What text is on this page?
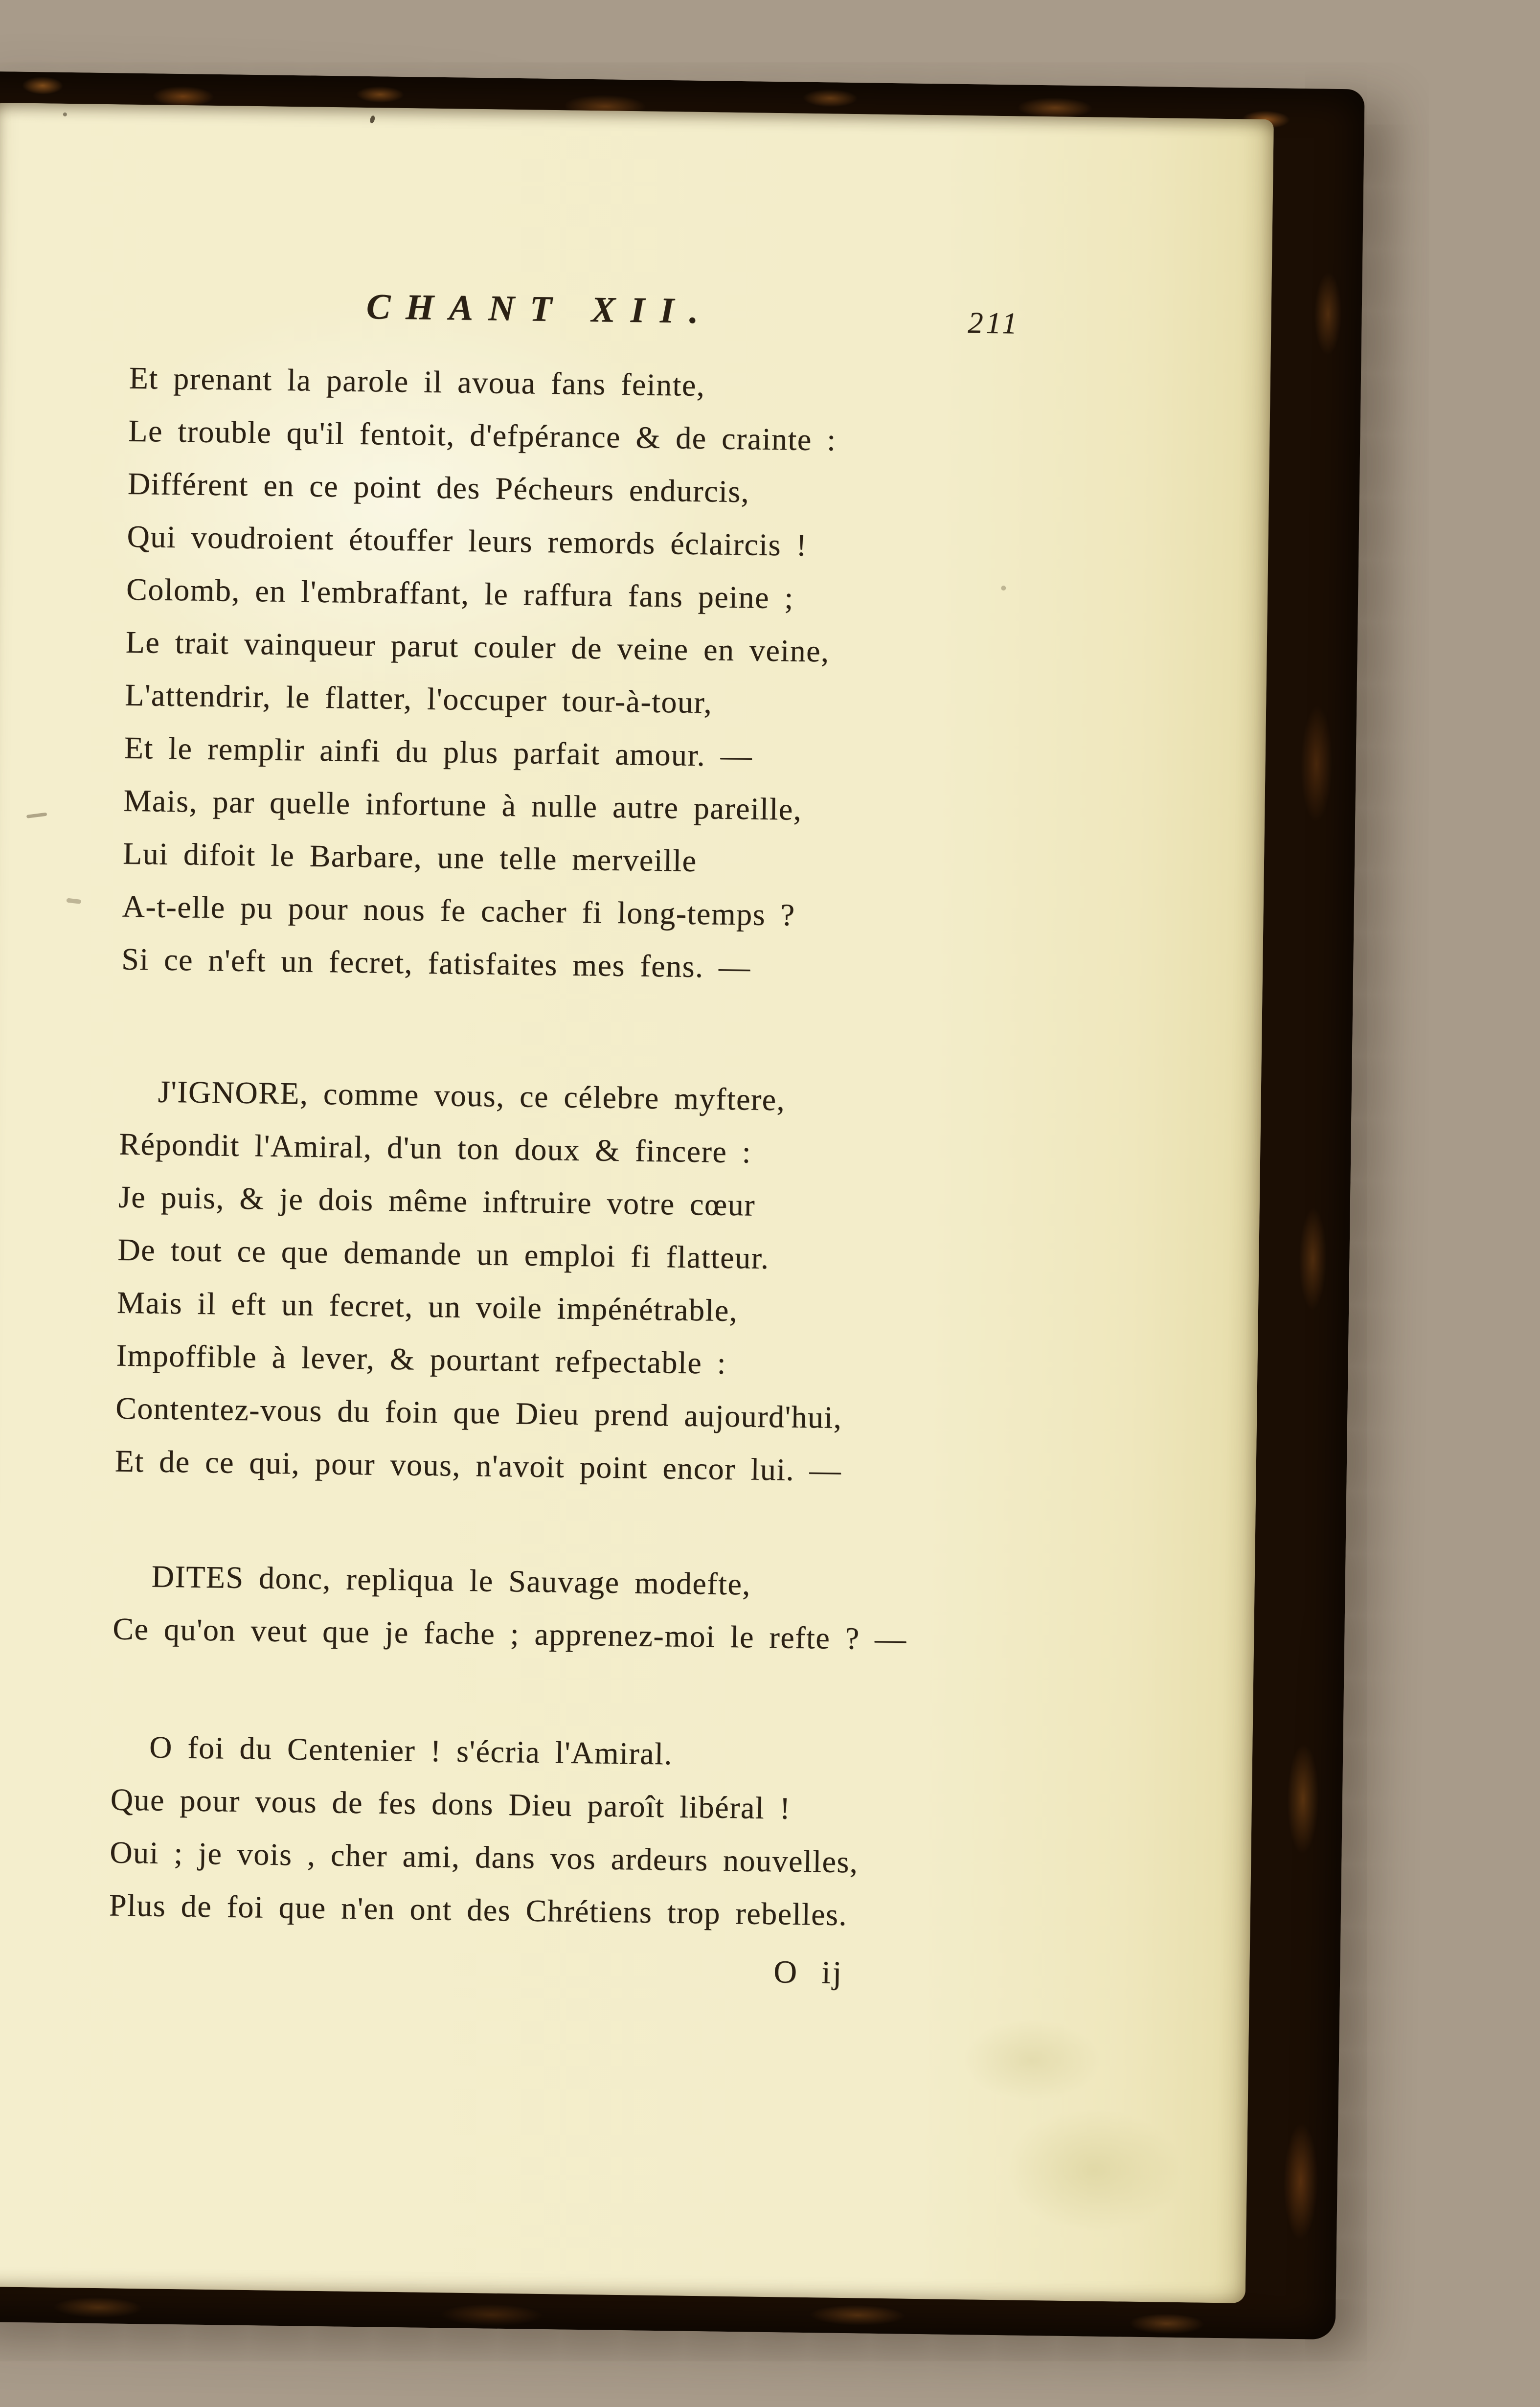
CHANT XII.	211
Et prenant la parole il avoua fans feinte,
Le trouble qu'il fentoit, d'efpérance & de crainte :
Différent en ce point des Pécheurs endurcis,
Qui voudroient étouffer leurs remords éclaircis !
Colomb, en l'embraffant, le raffura fans peine ;
Le trait vainqueur parut couler de veine en veine,
L'attendrir, le flatter, l'occuper tour-à-tour,
Et le remplir ainfi du plus parfait amour. —
Mais, par quelle infortune à nulle autre pareille,
Lui difoit le Barbare, une telle merveille
A-t-elle pu pour nous fe cacher fi long-temps ?
Si ce n'eft un fecret, fatisfaites mes fens. —
J'IGNORE, comme vous, ce célebre myftere,
Répondit l'Amiral, d'un ton doux & fincere :
Je puis, & je dois même inftruire votre cœur
De tout ce que demande un emploi fi flatteur.
Mais il eft un fecret, un voile impénétrable,
Impoffible à lever, & pourtant refpectable :
Contentez-vous du foin que Dieu prend aujourd'hui,
Et de ce qui, pour vous, n'avoit point encor lui. —
DITES donc, repliqua le Sauvage modefte,
Ce qu'on veut que je fache ; apprenez-moi le refte ? —
O foi du Centenier ! s'écria l'Amiral.
Que pour vous de fes dons Dieu paroît libéral !
Oui ; je vois , cher ami, dans vos ardeurs nouvelles,
Plus de foi que n'en ont des Chrétiens trop rebelles.
O ij
